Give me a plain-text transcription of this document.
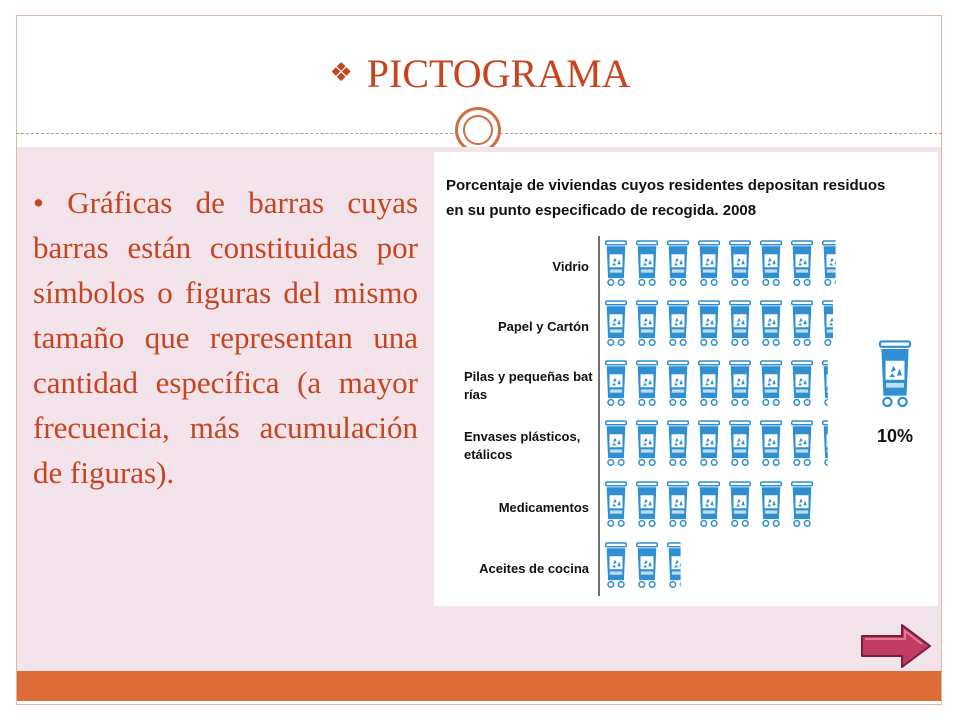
❖ PICTOGRAMA
• Gráficas de barras cuyas barras están constituidas por símbolos o figuras del mismo tamaño que representan una cantidad específica (a mayor frecuencia, más acumulación de figuras).
Porcentaje de viviendas cuyos residentes depositan residuos
en su punto especificado de recogida. 2008
Vidrio
Papel y Cartón
Pilas y pequeñas bat rías
Envases plásticos, etálicos
Medicamentos
Aceites de cocina
10%
